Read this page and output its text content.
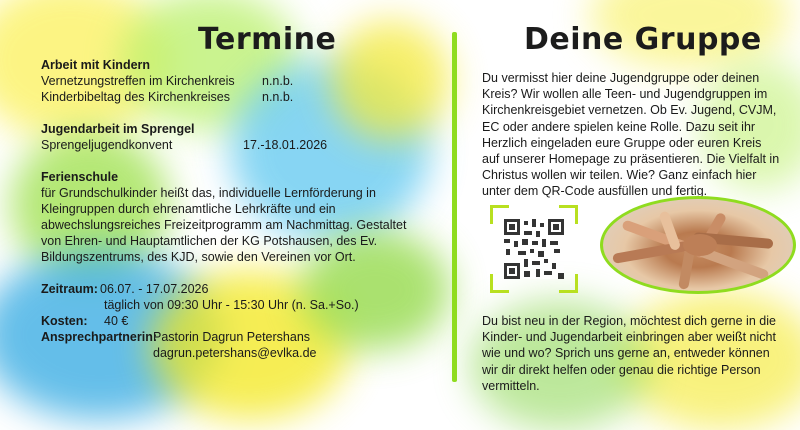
Termine
Arbeit mit Kindern
Vernetzungstreffen im Kirchenkreis n.n.b.
Kinderbibeltag des Kirchenkreises	n.n.b.
Jugendarbeit im Sprengel
Sprengeljugendkonvent	17.-18.01.2026
Ferienschule
für Grundschulkinder heißt das, individuelle Lernförderung in
Kleingruppen durch ehrenamtliche Lehrkräfte und ein
abwechslungsreiches Freizeitprogramm am Nachmittag. Gestaltet
von Ehren- und Hauptamtlichen der KG Potshausen, des Ev.
Bildungszentrums, des KJD, sowie den Vereinen vor Ort.
Zeitraum: 06.07. - 17.07.2026
täglich von 09:30 Uhr - 15:30 Uhr (n. Sa.+So.)
Kosten: 40 €
Ansprechpartnerin:
Pastorin Dagrun Petershans
dagrun.petershans@evlka.de
Deine Gruppe
Du vermisst hier deine Jugendgruppe oder deinen Kreis? Wir wollen alle Teen- und Jugendgruppen im Kirchenkreisgebiet vernetzen. Ob Ev. Jugend, CVJM, EC oder andere spielen keine Rolle. Dazu seit ihr Herzlich eingeladen eure Gruppe oder euren Kreis auf unserer Homepage zu präsentieren. Die Vielfalt in Christus wollen wir teilen. Wie? Ganz einfach hier unter dem QR-Code ausfüllen und fertig.
Du bist neu in der Region, möchtest dich gerne in die Kinder- und Jugendarbeit einbringen aber weißt nicht wie und wo? Sprich uns gerne an, entweder können wir dir direkt helfen oder genau die richtige Person vermitteln.
